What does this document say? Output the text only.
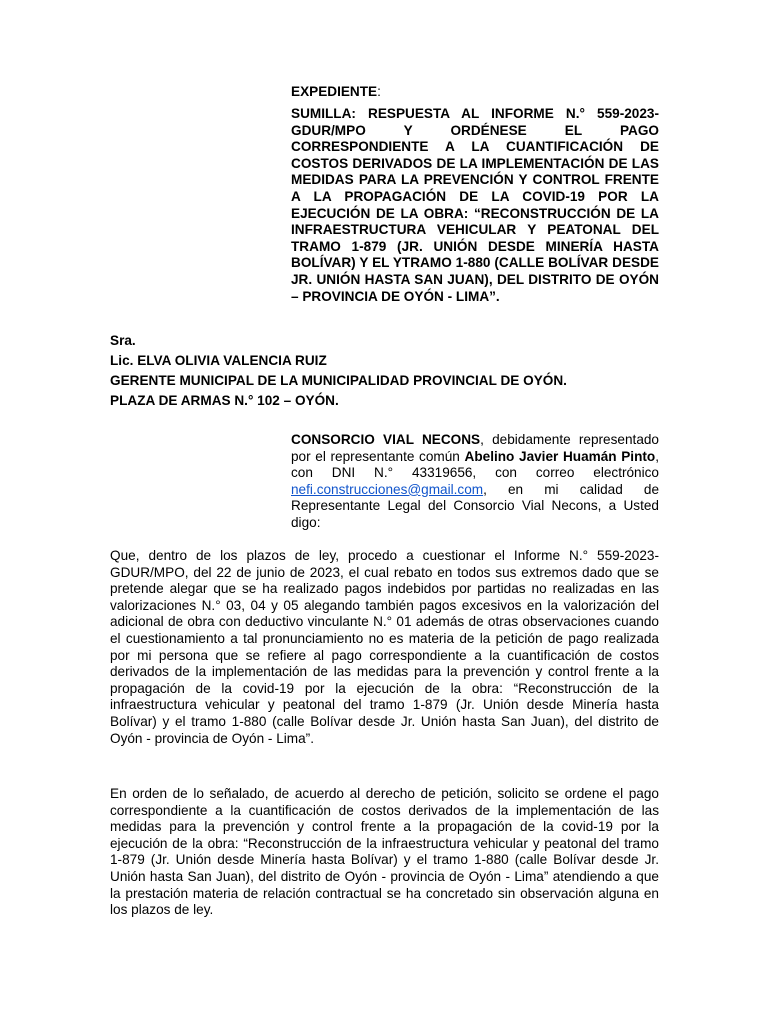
EXPEDIENTE:
SUMILLA: RESPUESTA AL INFORME N.° 559-2023-GDUR/MPO Y ORDÉNESE EL PAGO CORRESPONDIENTE A LA CUANTIFICACIÓN DE COSTOS DERIVADOS DE LA IMPLEMENTACIÓN DE LAS MEDIDAS PARA LA PREVENCIÓN Y CONTROL FRENTE A LA PROPAGACIÓN DE LA COVID-19 POR LA EJECUCIÓN DE LA OBRA: “RECONSTRUCCIÓN DE LA INFRAESTRUCTURA VEHICULAR Y PEATONAL DEL TRAMO 1-879 (JR. UNIÓN DESDE MINERÍA HASTA BOLÍVAR) Y EL YTRAMO 1-880 (CALLE BOLÍVAR DESDE JR. UNIÓN HASTA SAN JUAN), DEL DISTRITO DE OYÓN – PROVINCIA DE OYÓN - LIMA”.
Sra.
Lic. ELVA OLIVIA VALENCIA RUIZ
GERENTE MUNICIPAL DE LA MUNICIPALIDAD PROVINCIAL DE OYÓN.
PLAZA DE ARMAS N.° 102 – OYÓN.
CONSORCIO VIAL NECONS, debidamente representado por el representante común Abelino Javier Huamán Pinto, con DNI N.° 43319656, con correo electrónico nefi.construcciones@gmail.com, en mi calidad de Representante Legal del Consorcio Vial Necons, a Usted digo:
Que, dentro de los plazos de ley, procedo a cuestionar el Informe N.° 559-2023-GDUR/MPO, del 22 de junio de 2023, el cual rebato en todos sus extremos dado que se pretende alegar que se ha realizado pagos indebidos por partidas no realizadas en las valorizaciones N.° 03, 04 y 05 alegando también pagos excesivos en la valorización del adicional de obra con deductivo vinculante N.° 01 además de otras observaciones cuando el cuestionamiento a tal pronunciamiento no es materia de la petición de pago realizada por mi persona que se refiere al pago correspondiente a la cuantificación de costos derivados de la implementación de las medidas para la prevención y control frente a la propagación de la covid-19 por la ejecución de la obra: “Reconstrucción de la infraestructura vehicular y peatonal del tramo 1-879 (Jr. Unión desde Minería hasta Bolívar) y el tramo 1-880 (calle Bolívar desde Jr. Unión hasta San Juan), del distrito de Oyón - provincia de Oyón - Lima”.
En orden de lo señalado, de acuerdo al derecho de petición, solicito se ordene el pago correspondiente a la cuantificación de costos derivados de la implementación de las medidas para la prevención y control frente a la propagación de la covid-19 por la ejecución de la obra: “Reconstrucción de la infraestructura vehicular y peatonal del tramo 1-879 (Jr. Unión desde Minería hasta Bolívar) y el tramo 1-880 (calle Bolívar desde Jr. Unión hasta San Juan), del distrito de Oyón - provincia de Oyón - Lima” atendiendo a que la prestación materia de relación contractual se ha concretado sin observación alguna en los plazos de ley.
